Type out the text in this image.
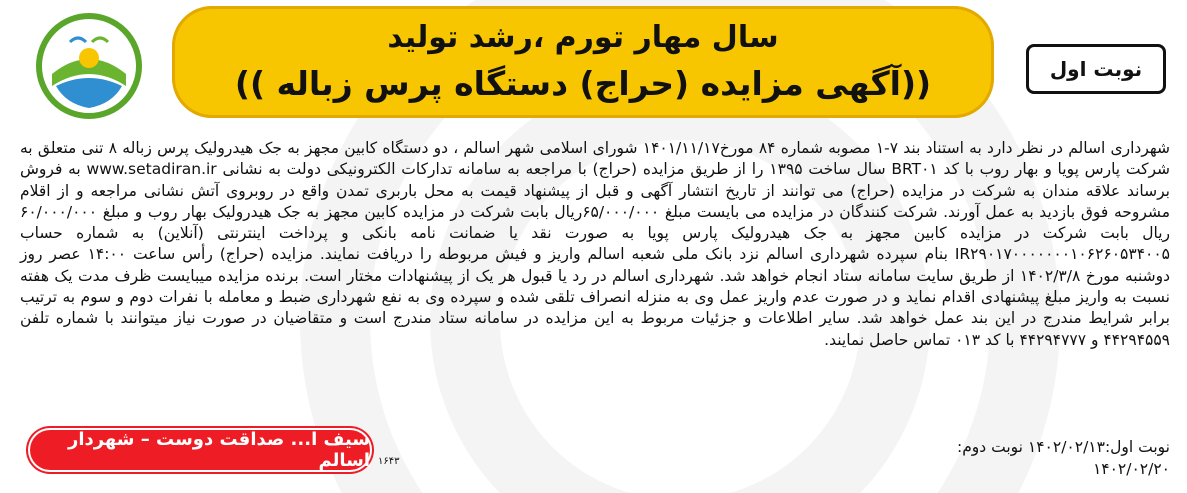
سال مهار تورم ،رشد تولید
((آگهی مزایده (حراج) دستگاه پرس زباله ))	نوبت اول
شهرداری اسالم در نظر دارد به استناد بند ۷-۱ مصوبه شماره ۸۴ مورخ۱۴۰۱/۱۱/۱۷ شورای اسلامی شهر اسالم ، دو دستگاه کابین مجهز به جک هیدرولیک پرس زباله ۸ تنی متعلق به شرکت پارس پویا و بهار روب با کد BRT۰۱ سال ساخت ۱۳۹۵ را از طریق مزایده (حراج) با مراجعه به سامانه تدارکات الکترونیکی دولت به نشانی www.setadiran.ir به فروش برساند علاقه مندان به شرکت در مزایده (حراج) می توانند از تاریخ انتشار آگهی و قبل از پیشنهاد قیمت به محل باربری تمدن واقع در روبروی آتش نشانی مراجعه و از اقلام مشروحه فوق بازدید به عمل آورند. شرکت کنندگان در مزایده می بایست مبلغ ۶۵/۰۰۰/۰۰۰ریال بابت شرکت در مزایده کابین مجهز به جک هیدرولیک بهار روب و مبلغ ۶۰/۰۰۰/۰۰۰ ریال بابت شرکت در مزایده کابین مجهز به جک هیدرولیک پارس پویا به صورت نقد یا ضمانت نامه بانکی و پرداخت اینترنتی (آنلاین) به شماره حساب IR۲۹۰۱۷۰۰۰۰۰۰۰۱۰۶۲۶۰۵۳۴۰۰۵ بنام سپرده شهرداری اسالم نزد بانک ملی شعبه اسالم واریز و فیش مربوطه را دریافت نمایند. مزایده (حراج) رأس ساعت ۱۴:۰۰ عصر روز دوشنبه مورخ ۱۴۰۲/۳/۸ از طریق سایت سامانه ستاد انجام خواهد شد. شهرداری اسالم در رد یا قبول هر یک از پیشنهادات مختار است. برنده مزایده میبایست ظرف مدت یک هفته نسبت به واریز مبلغ پیشنهادی اقدام نماید و در صورت عدم واریز عمل وی به منزله انصراف تلقی شده و سپرده وی به نفع شهرداری ضبط و معامله با نفرات دوم و سوم به ترتیب برابر شرایط مندرج در این بند عمل خواهد شد. سایر اطلاعات و جزئیات مربوط به این مزایده در سامانه ستاد مندرج است و متقاضیان در صورت نیاز میتوانند با شماره تلفن ۴۴۲۹۴۵۵۹ و ۴۴۲۹۴۷۷۷ با کد ۰۱۳ تماس حاصل نمایند.
نوبت اول:۱۴۰۲/۰۲/۱۳ نوبت دوم:
۱۴۰۲/۰۲/۲۰
سیف ا... صداقت دوست – شهردار اسالم ۱۶۴۳
